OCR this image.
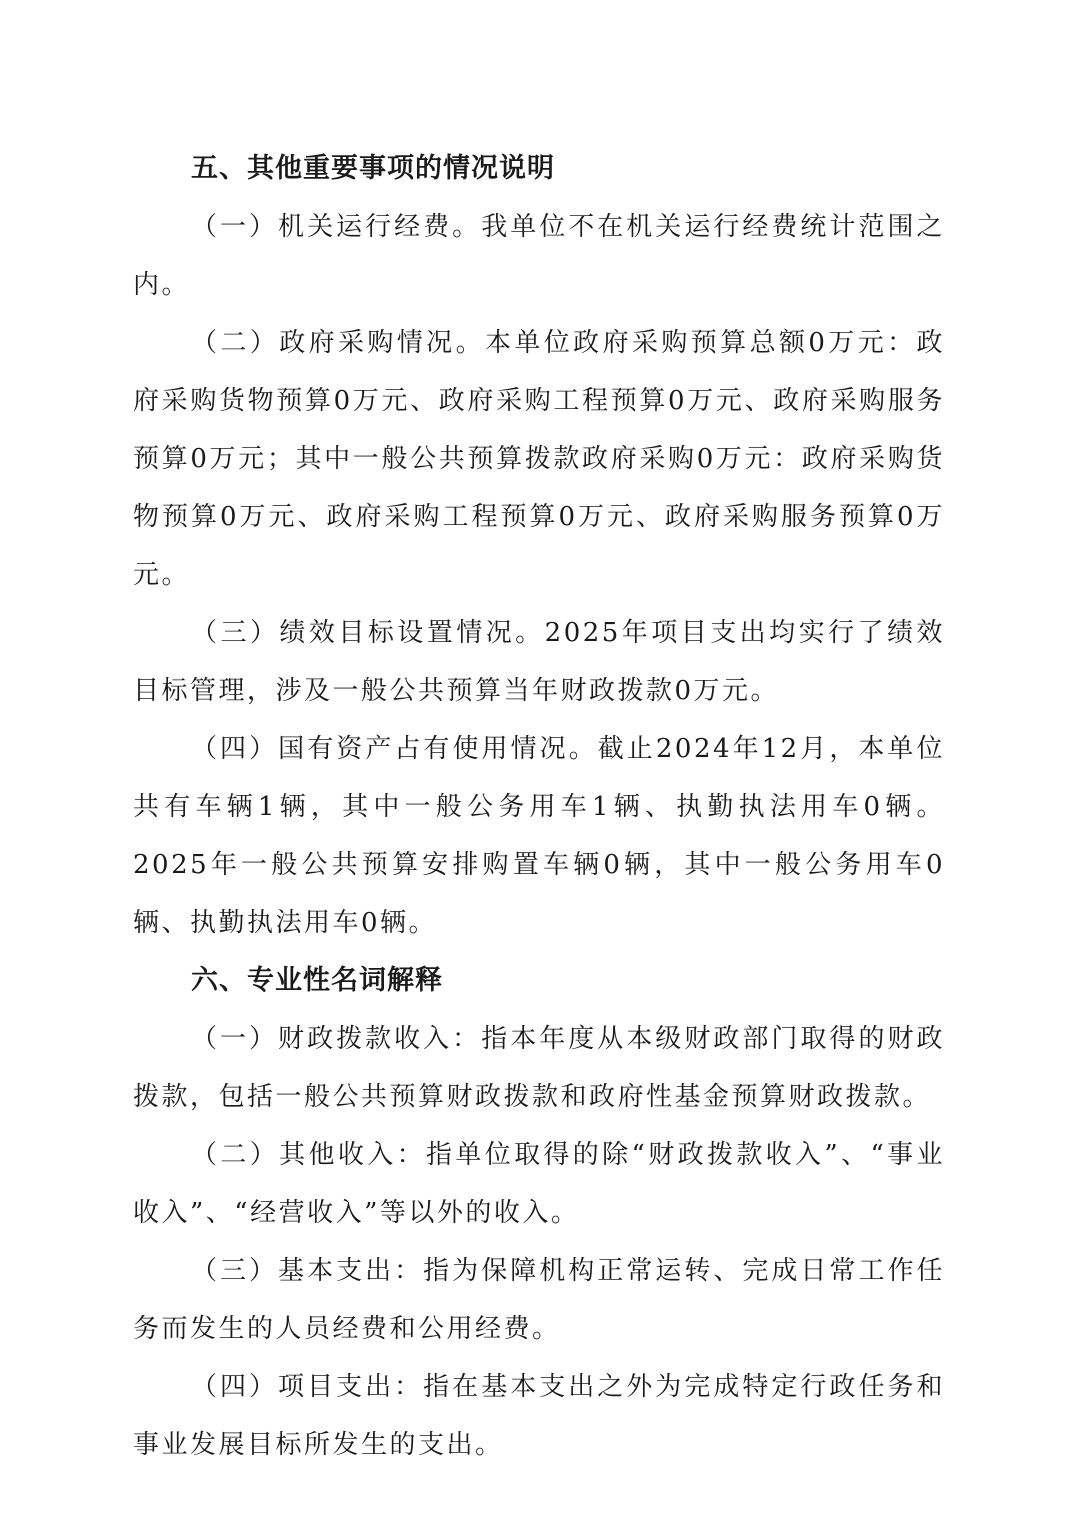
五、其他重要事项的情况说明

（一）机关运行经费。我单位不在机关运行经费统计范围之内。

（二）政府采购情况。本单位政府采购预算总额0万元：政府采购货物预算0万元、政府采购工程预算0万元、政府采购服务预算0万元；其中一般公共预算拨款政府采购0万元：政府采购货物预算0万元、政府采购工程预算0万元、政府采购服务预算0万元。

（三）绩效目标设置情况。2025年项目支出均实行了绩效目标管理，涉及一般公共预算当年财政拨款0万元。

（四）国有资产占有使用情况。截止2024年12月，本单位共有车辆1辆，其中一般公务用车1辆、执勤执法用车0辆。2025年一般公共预算安排购置车辆0辆，其中一般公务用车0辆、执勤执法用车0辆。

六、专业性名词解释

（一）财政拨款收入：指本年度从本级财政部门取得的财政拨款，包括一般公共预算财政拨款和政府性基金预算财政拨款。

（二）其他收入：指单位取得的除“财政拨款收入”、“事业收入”、“经营收入”等以外的收入。

（三）基本支出：指为保障机构正常运转、完成日常工作任务而发生的人员经费和公用经费。

（四）项目支出：指在基本支出之外为完成特定行政任务和事业发展目标所发生的支出。
